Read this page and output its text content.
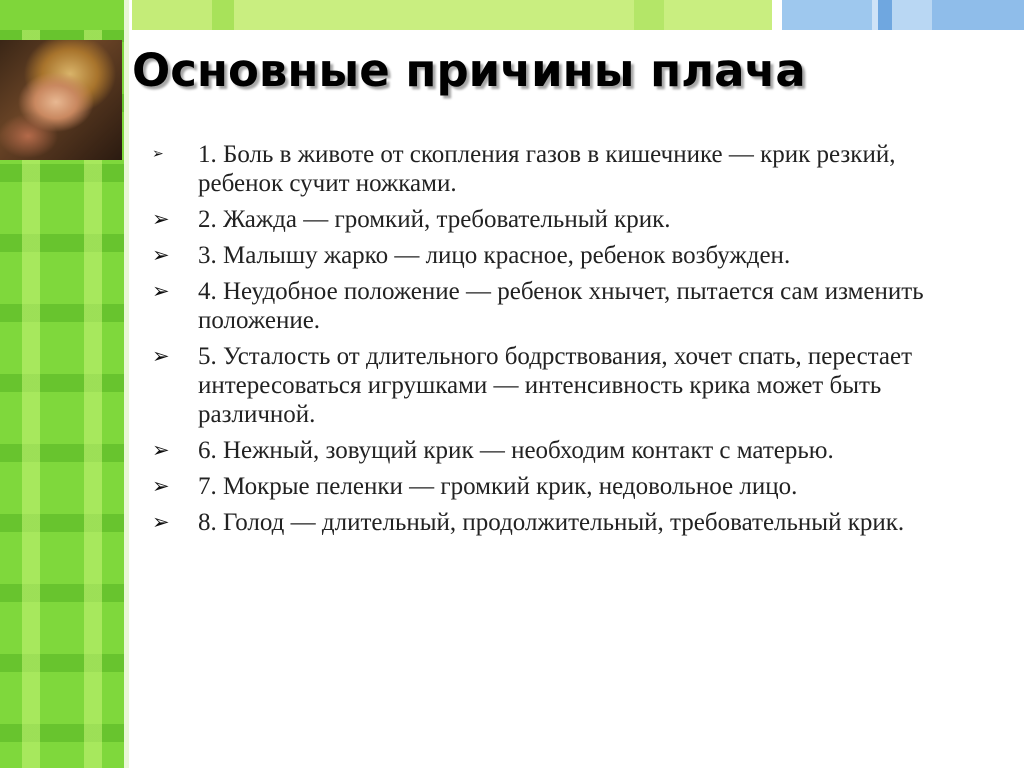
Основные причины плача
➢	1. Боль в животе от скопления газов в кишечнике — крик резкий, ребенок сучит ножками.
➢ 2. Жажда — громкий, требовательный крик.
➢ 3. Малышу жарко — лицо красное, ребенок возбужден.
➢ 4. Неудобное положение — ребенок хнычет, пытается сам изменить положение.
➢ 5. Усталость от длительного бодрствования, хочет спать, перестает интересоваться игрушками — интенсивность крика может быть различной.
➢ 6. Нежный, зовущий крик — необходим контакт с матерью.
➢ 7. Мокрые пеленки — громкий крик, недовольное лицо.
➢ 8. Голод — длительный, продолжительный, требовательный крик.
